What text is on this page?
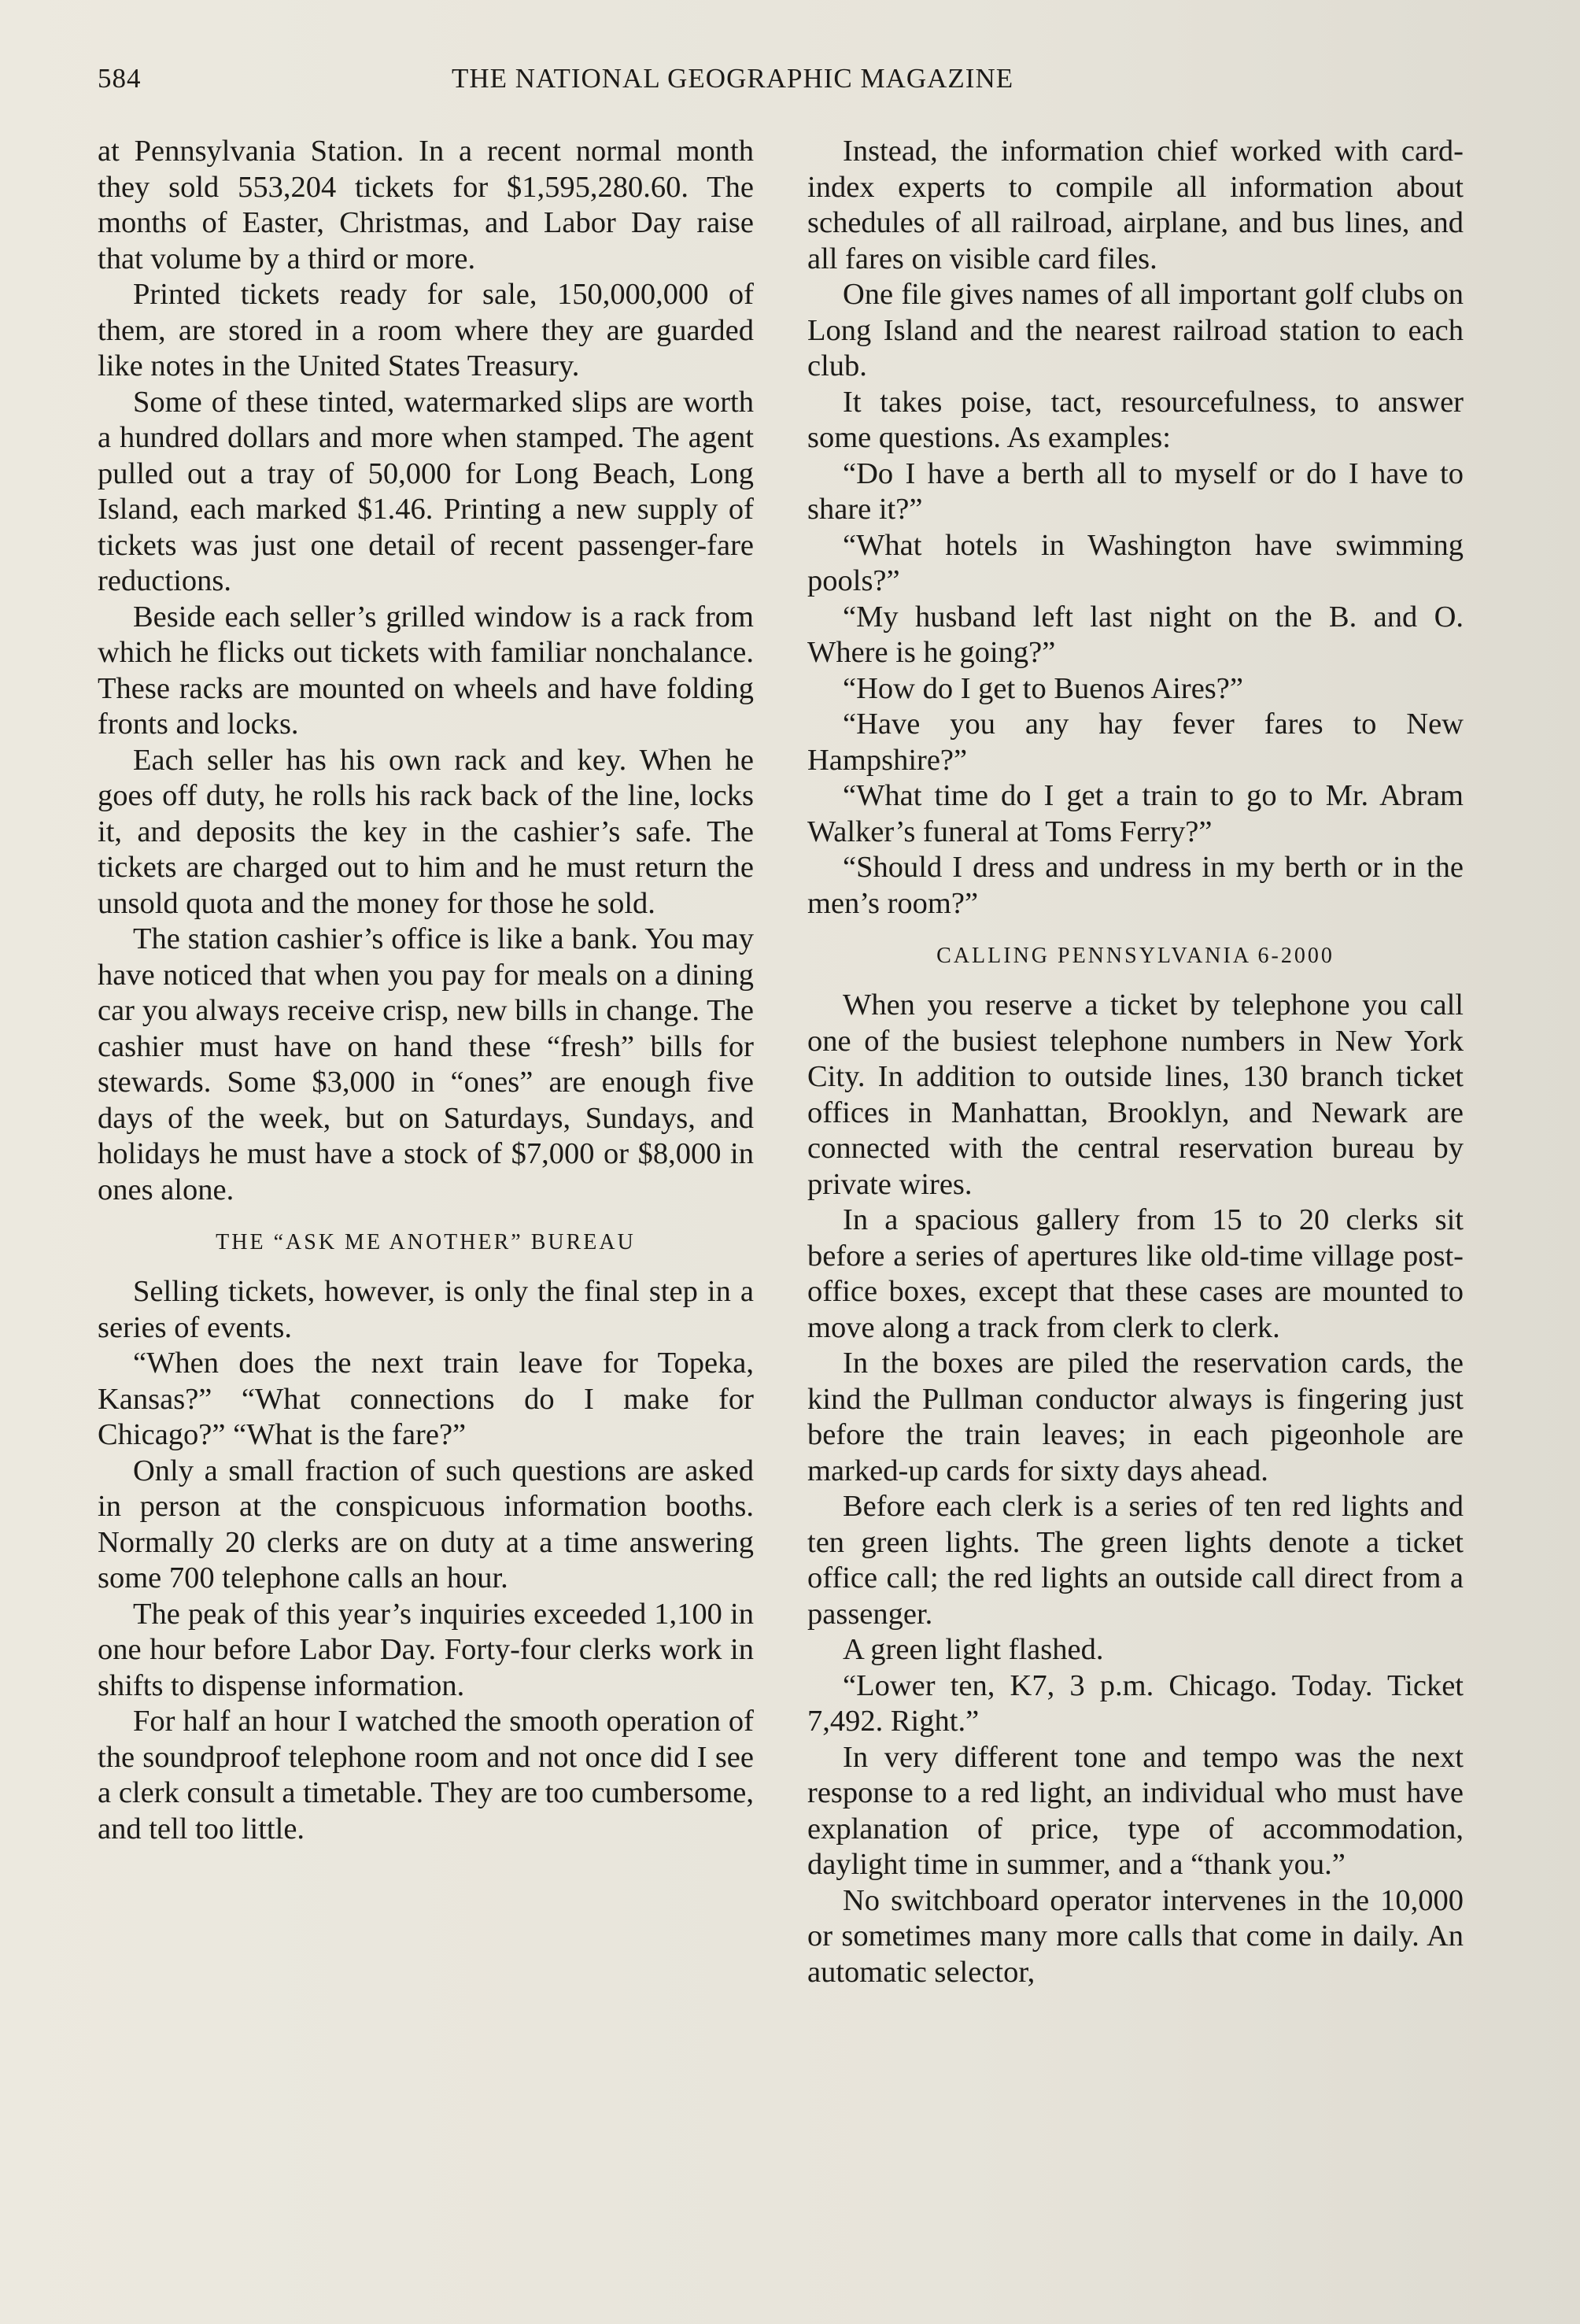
584	THE NATIONAL GEOGRAPHIC MAGAZINE

at Pennsylvania Station. In a recent normal month they sold 553,204 tickets for $1,595,280.60. The months of Easter, Christmas, and Labor Day raise that volume by a third or more.

Printed tickets ready for sale, 150,000,000 of them, are stored in a room where they are guarded like notes in the United States Treasury.

Some of these tinted, watermarked slips are worth a hundred dollars and more when stamped. The agent pulled out a tray of 50,000 for Long Beach, Long Island, each marked $1.46. Printing a new supply of tickets was just one detail of recent passenger-fare reductions.

Beside each seller’s grilled window is a rack from which he flicks out tickets with familiar nonchalance. These racks are mounted on wheels and have folding fronts and locks.

Each seller has his own rack and key. When he goes off duty, he rolls his rack back of the line, locks it, and deposits the key in the cashier’s safe. The tickets are charged out to him and he must return the unsold quota and the money for those he sold.

The station cashier’s office is like a bank. You may have noticed that when you pay for meals on a dining car you always receive crisp, new bills in change. The cashier must have on hand these “fresh” bills for stewards. Some $3,000 in “ones” are enough five days of the week, but on Saturdays, Sundays, and holidays he must have a stock of $7,000 or $8,000 in ones alone.

THE “ASK ME ANOTHER” BUREAU

Selling tickets, however, is only the final step in a series of events.

“When does the next train leave for Topeka, Kansas?” “What connections do I make for Chicago?” “What is the fare?”

Only a small fraction of such questions are asked in person at the conspicuous information booths. Normally 20 clerks are on duty at a time answering some 700 telephone calls an hour.

The peak of this year’s inquiries exceeded 1,100 in one hour before Labor Day. Forty-four clerks work in shifts to dispense information.

For half an hour I watched the smooth operation of the soundproof telephone room and not once did I see a clerk consult a timetable. They are too cumbersome, and tell too little.

Instead, the information chief worked with card-index experts to compile all information about schedules of all railroad, airplane, and bus lines, and all fares on visible card files.

One file gives names of all important golf clubs on Long Island and the nearest railroad station to each club.

It takes poise, tact, resourcefulness, to answer some questions. As examples:

“Do I have a berth all to myself or do I have to share it?”

“What hotels in Washington have swimming pools?”

“My husband left last night on the B. and O. Where is he going?”

“How do I get to Buenos Aires?”

“Have you any hay fever fares to New Hampshire?”

“What time do I get a train to go to Mr. Abram Walker’s funeral at Toms Ferry?”

“Should I dress and undress in my berth or in the men’s room?”

CALLING PENNSYLVANIA 6-2000

When you reserve a ticket by telephone you call one of the busiest telephone numbers in New York City. In addition to outside lines, 130 branch ticket offices in Manhattan, Brooklyn, and Newark are connected with the central reservation bureau by private wires.

In a spacious gallery from 15 to 20 clerks sit before a series of apertures like old-time village post-office boxes, except that these cases are mounted to move along a track from clerk to clerk.

In the boxes are piled the reservation cards, the kind the Pullman conductor always is fingering just before the train leaves; in each pigeonhole are marked-up cards for sixty days ahead.

Before each clerk is a series of ten red lights and ten green lights. The green lights denote a ticket office call; the red lights an outside call direct from a passenger.

A green light flashed.

“Lower ten, K7, 3 p.m. Chicago. Today. Ticket 7,492. Right.”

In very different tone and tempo was the next response to a red light, an individual who must have explanation of price, type of accommodation, daylight time in summer, and a “thank you.”

No switchboard operator intervenes in the 10,000 or sometimes many more calls that come in daily. An automatic selector,
